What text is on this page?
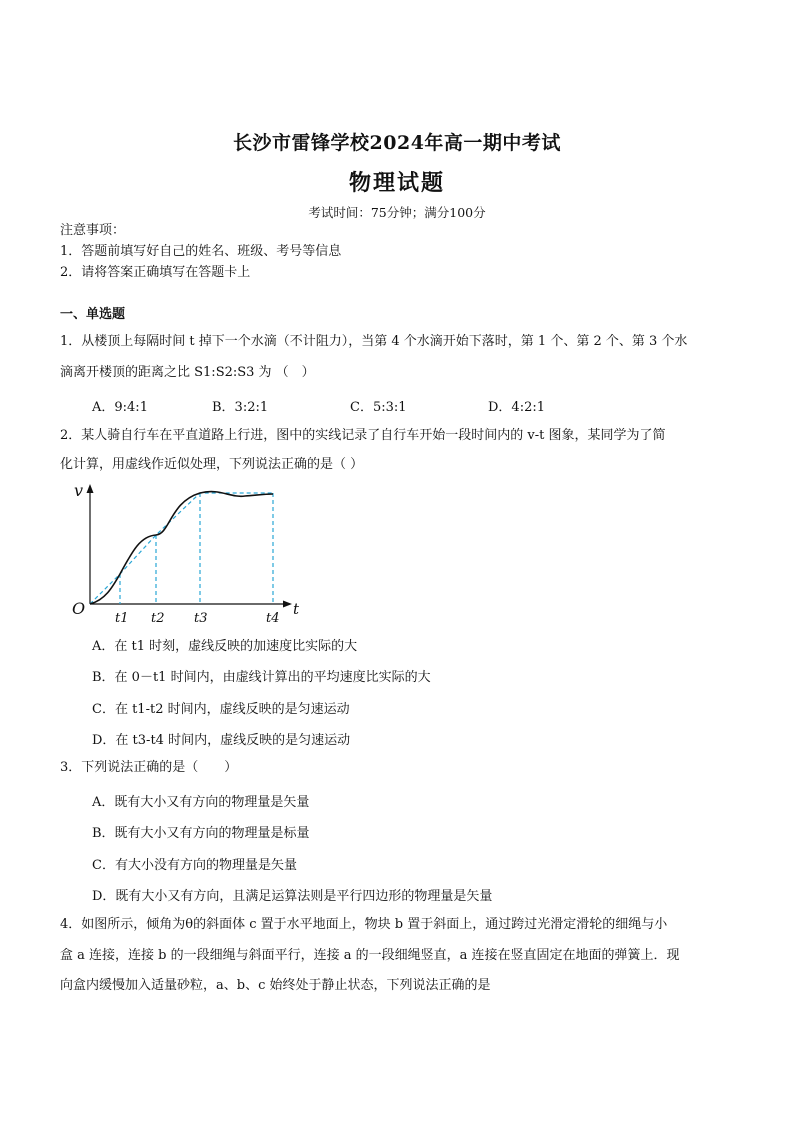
长沙市雷锋学校2024年高一期中考试
物理试题
考试时间：75分钟；满分100分
注意事项：
1．答题前填写好自己的姓名、班级、考号等信息
2．请将答案正确填写在答题卡上
一、单选题
1．从楼顶上每隔时间 t 掉下一个水滴（不计阻力），当第 4 个水滴开始下落时，第 1 个、第 2 个、第 3 个水
滴离开楼顶的距离之比 S1:S2:S3 为 （　）
A．9:4:1	B．3:2:1	C．5:3:1	D．4:2:1
2．某人骑自行车在平直道路上行进，图中的实线记录了自行车开始一段时间内的 v-t 图象，某同学为了简
化计算，用虚线作近似处理，下列说法正确的是（ ）
v
t
O
t1 t2 t3	t4
A．在 t1 时刻，虚线反映的加速度比实际的大
B．在 0－t1 时间内，由虚线计算出的平均速度比实际的大
C．在 t1-t2 时间内，虚线反映的是匀速运动
D．在 t3-t4 时间内，虚线反映的是匀速运动
3．下列说法正确的是（　　）
A．既有大小又有方向的物理量是矢量
B．既有大小又有方向的物理量是标量
C．有大小没有方向的物理量是矢量
D．既有大小又有方向，且满足运算法则是平行四边形的物理量是矢量
4．如图所示，倾角为θ的斜面体 c 置于水平地面上，物块 b 置于斜面上，通过跨过光滑定滑轮的细绳与小
盒 a 连接，连接 b 的一段细绳与斜面平行，连接 a 的一段细绳竖直，a 连接在竖直固定在地面的弹簧上．现
向盒内缓慢加入适量砂粒，a、b、c 始终处于静止状态，下列说法正确的是
